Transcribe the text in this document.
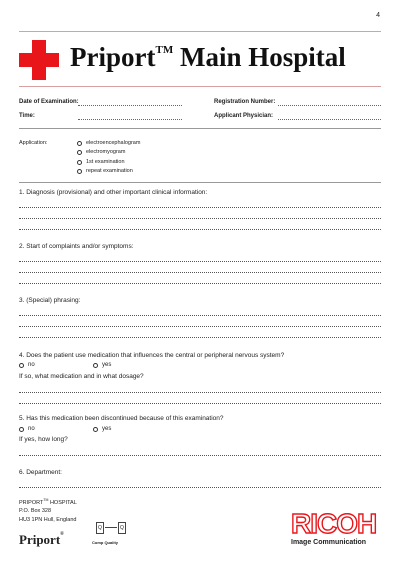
4
Priport™ Main Hospital
Date of Examination:	Registration Number:
Time:	Applicant Physician:
Application:	electroencephalogram
electromyogram
1st examination
repeat examination
1. Diagnosis (provisional) and other important clinical information:
2. Start of complaints and/or symptoms:
3. (Special) phrasing:
4. Does the patient use medication that influences the central or peripheral nervous system?
no	yes
If so, what medication and in what dosage?
5. Has this medication been discontinued because of this examination?
no	yes
If yes, how long?
6. Department:
PRIPORT™ HOSPITAL
P.O. Box 328
HU3 1PN Hull, England
Priport®
Q	Q
Comp Quality
RICOH
Image Communication
